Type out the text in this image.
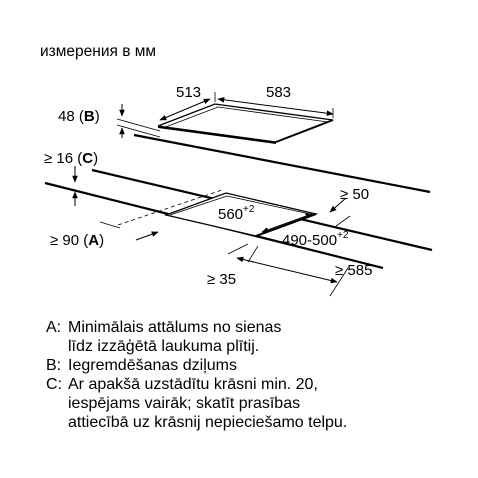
измерения в мм
513	583
48 (B)
≥ 16 (C)
≥ 90 (A)
$560^{+2}$
$490-500^{+2}$
≥ 50
≥ 585
≥ 35
A: Minimālais attālums no sienas
līdz izzāģētā laukuma plītij.
B: Iegremdēšanas dziļums
C: Ar apakšā uzstādītu krāsni min. 20,
iespējams vairāk; skatīt prasības
attiecībā uz krāsnij nepieciešamo telpu.
